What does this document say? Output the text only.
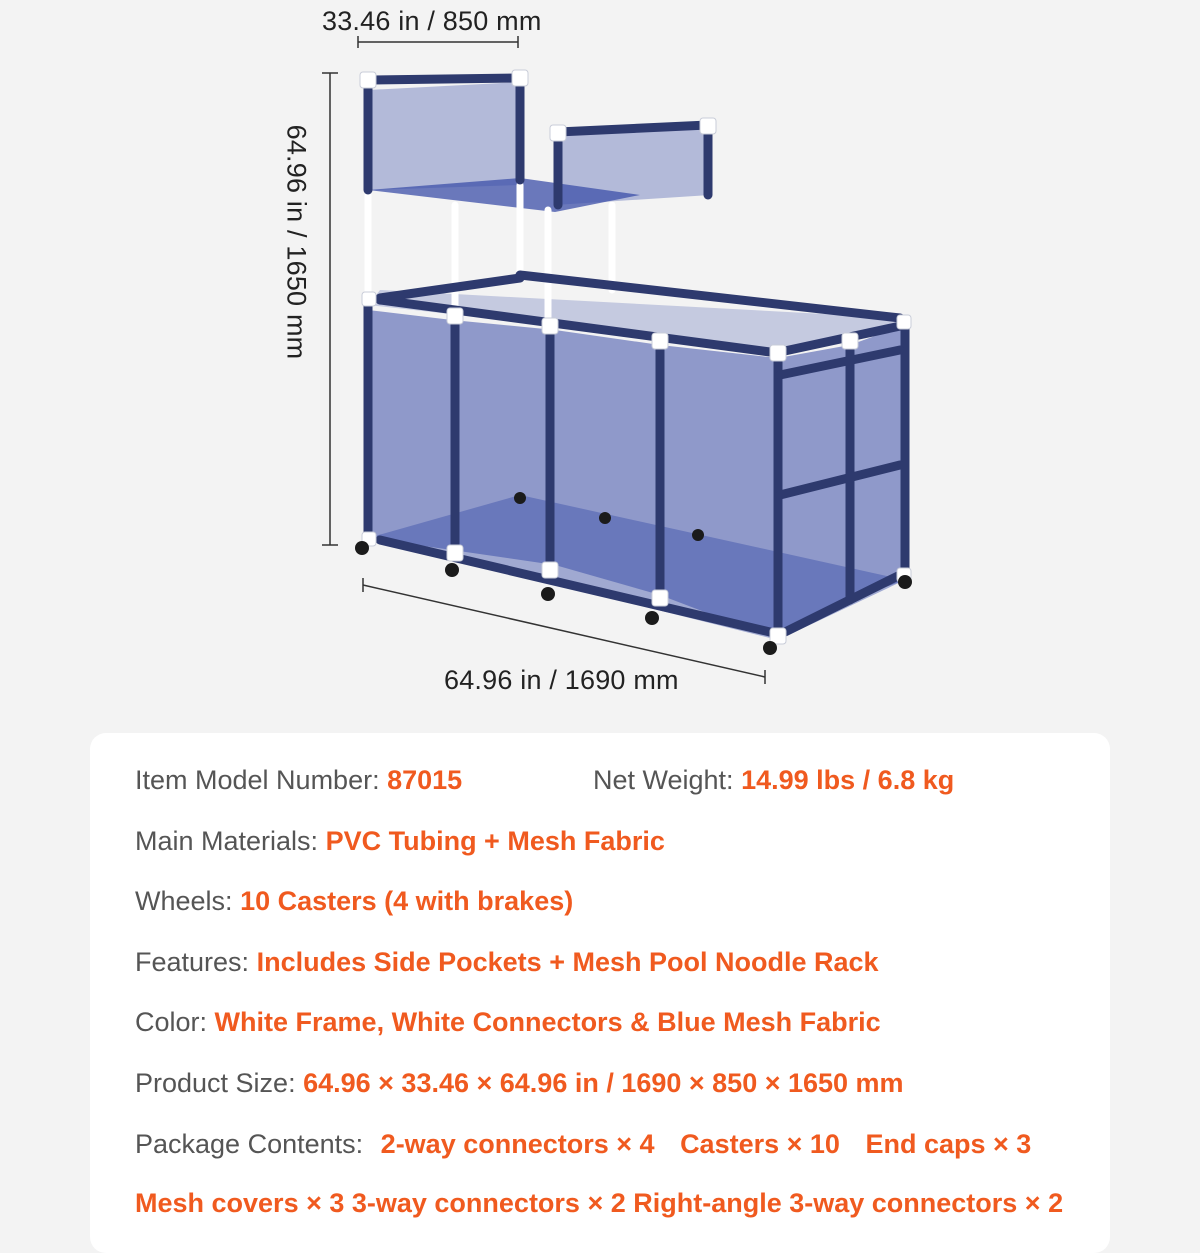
33.46 in / 850 mm
64.96 in / 1650 mm
64.96 in / 1690 mm
Item Model Number: 87015	Net Weight: 14.99 lbs / 6.8 kg
Main Materials: PVC Tubing + Mesh Fabric
Wheels: 10 Casters (4 with brakes)
Features: Includes Side Pockets + Mesh Pool Noodle Rack
Color: White Frame, White Connectors & Blue Mesh Fabric
Product Size: 64.96 × 33.46 × 64.96 in / 1690 × 850 × 1650 mm
Package Contents: 2-way connectors × 4 Casters × 10 End caps × 3
Mesh covers × 3 3-way connectors × 2 Right-angle 3-way connectors × 2
